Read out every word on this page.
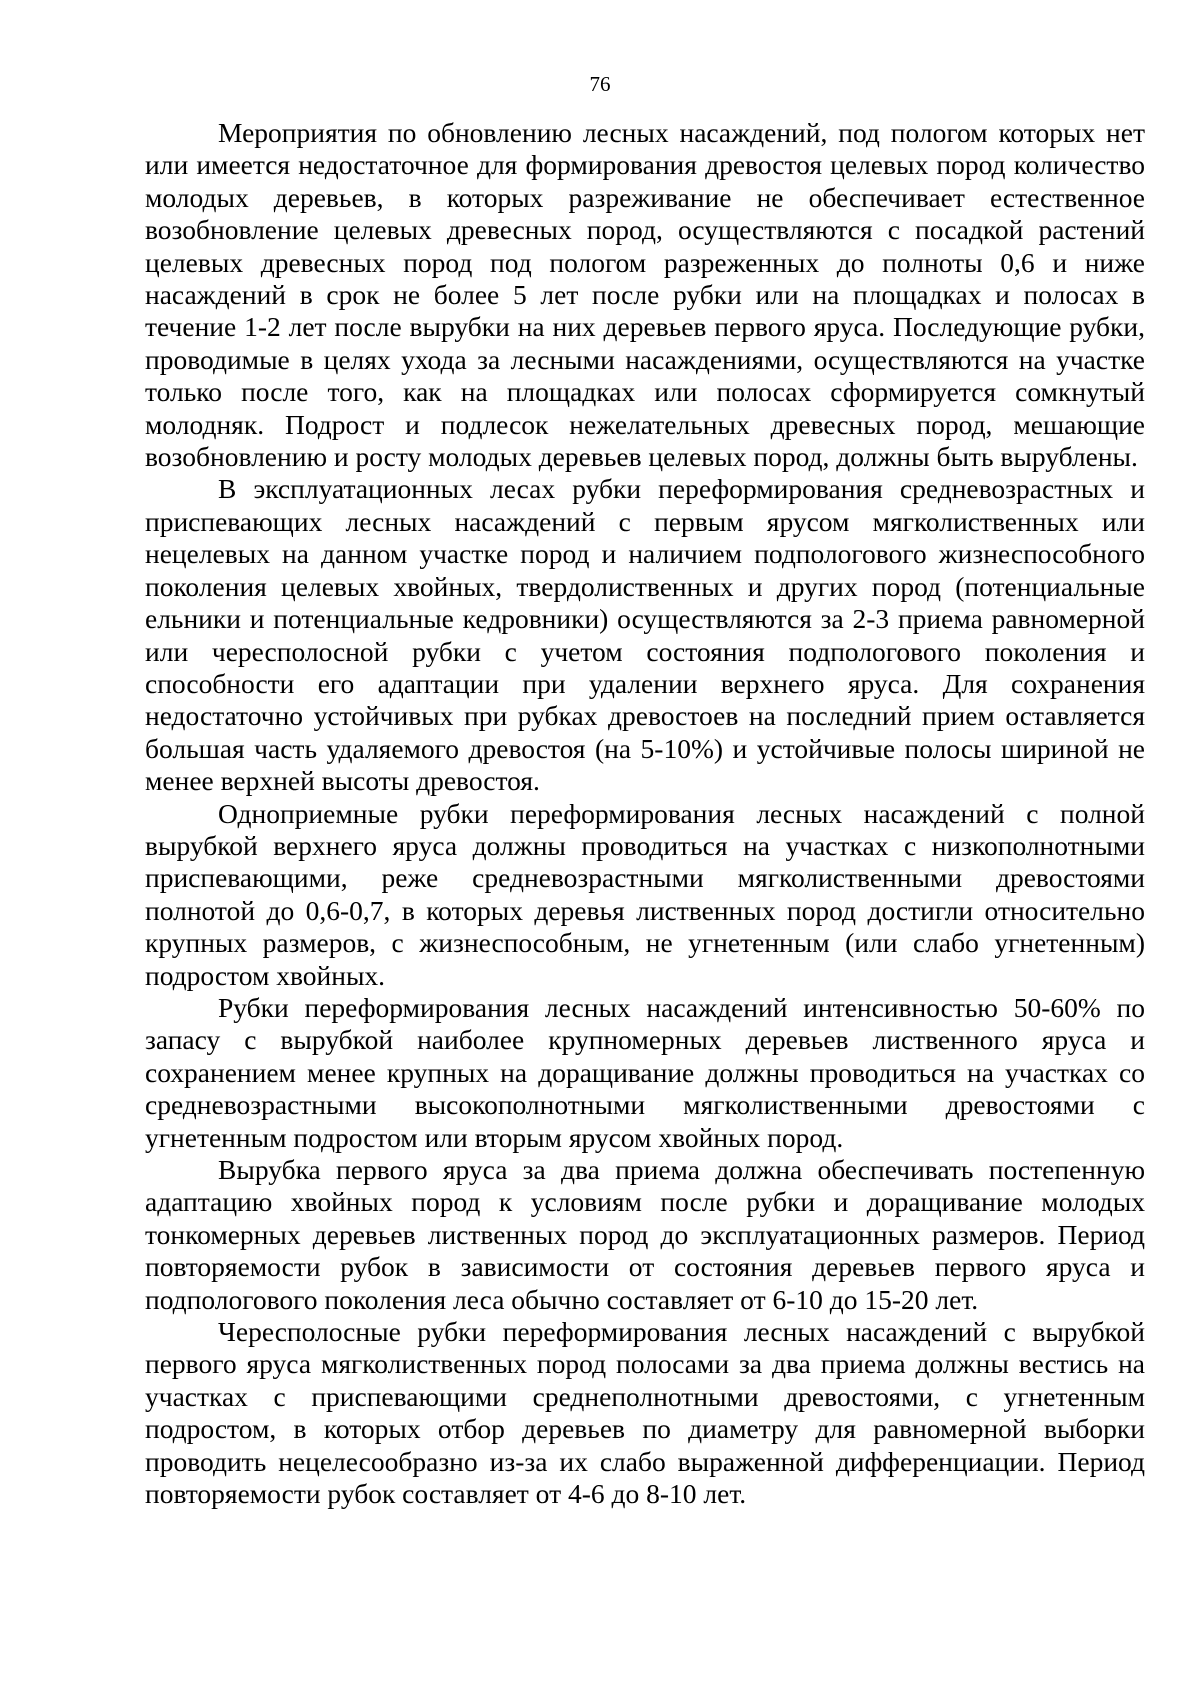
76

Мероприятия по обновлению лесных насаждений, под пологом которых нет или имеется недостаточное для формирования древостоя целевых пород количество молодых деревьев, в которых разреживание не обеспечивает естественное возобновление целевых древесных пород, осуществляются с посадкой растений целевых древесных пород под пологом разреженных до полноты 0,6 и ниже насаждений в срок не более 5 лет после рубки или на площадках и полосах в течение 1-2 лет после вырубки на них деревьев первого яруса. Последующие рубки, проводимые в целях ухода за лесными насаждениями, осуществляются на участке только после того, как на площадках или полосах сформируется сомкнутый молодняк. Подрост и подлесок нежелательных древесных пород, мешающие возобновлению и росту молодых деревьев целевых пород, должны быть вырублены.

В эксплуатационных лесах рубки переформирования средневозрастных и приспевающих лесных насаждений с первым ярусом мягколиственных или нецелевых на данном участке пород и наличием подпологового жизнеспособного поколения целевых хвойных, твердолиственных и других пород (потенциальные ельники и потенциальные кедровники) осуществляются за 2-3 приема равномерной или чересполосной рубки с учетом состояния подпологового поколения и способности его адаптации при удалении верхнего яруса. Для сохранения недостаточно устойчивых при рубках древостоев на последний прием оставляется большая часть удаляемого древостоя (на 5-10%) и устойчивые полосы шириной не менее верхней высоты древостоя.

Одноприемные рубки переформирования лесных насаждений с полной вырубкой верхнего яруса должны проводиться на участках с низкополнотными приспевающими, реже средневозрастными мягколиственными древостоями полнотой до 0,6-0,7, в которых деревья лиственных пород достигли относительно крупных размеров, с жизнеспособным, не угнетенным (или слабо угнетенным) подростом хвойных.

Рубки переформирования лесных насаждений интенсивностью 50-60% по запасу с вырубкой наиболее крупномерных деревьев лиственного яруса и сохранением менее крупных на доращивание должны проводиться на участках со средневозрастными высокополнотными мягколиственными древостоями с угнетенным подростом или вторым ярусом хвойных пород.

Вырубка первого яруса за два приема должна обеспечивать постепенную адаптацию хвойных пород к условиям после рубки и доращивание молодых тонкомерных деревьев лиственных пород до эксплуатационных размеров. Период повторяемости рубок в зависимости от состояния деревьев первого яруса и подпологового поколения леса обычно составляет от 6-10 до 15-20 лет.

Чересполосные рубки переформирования лесных насаждений с вырубкой первого яруса мягколиственных пород полосами за два приема должны вестись на участках с приспевающими среднеполнотными древостоями, с угнетенным подростом, в которых отбор деревьев по диаметру для равномерной выборки проводить нецелесообразно из-за их слабо выраженной дифференциации. Период повторяемости рубок составляет от 4-6 до 8-10 лет.
